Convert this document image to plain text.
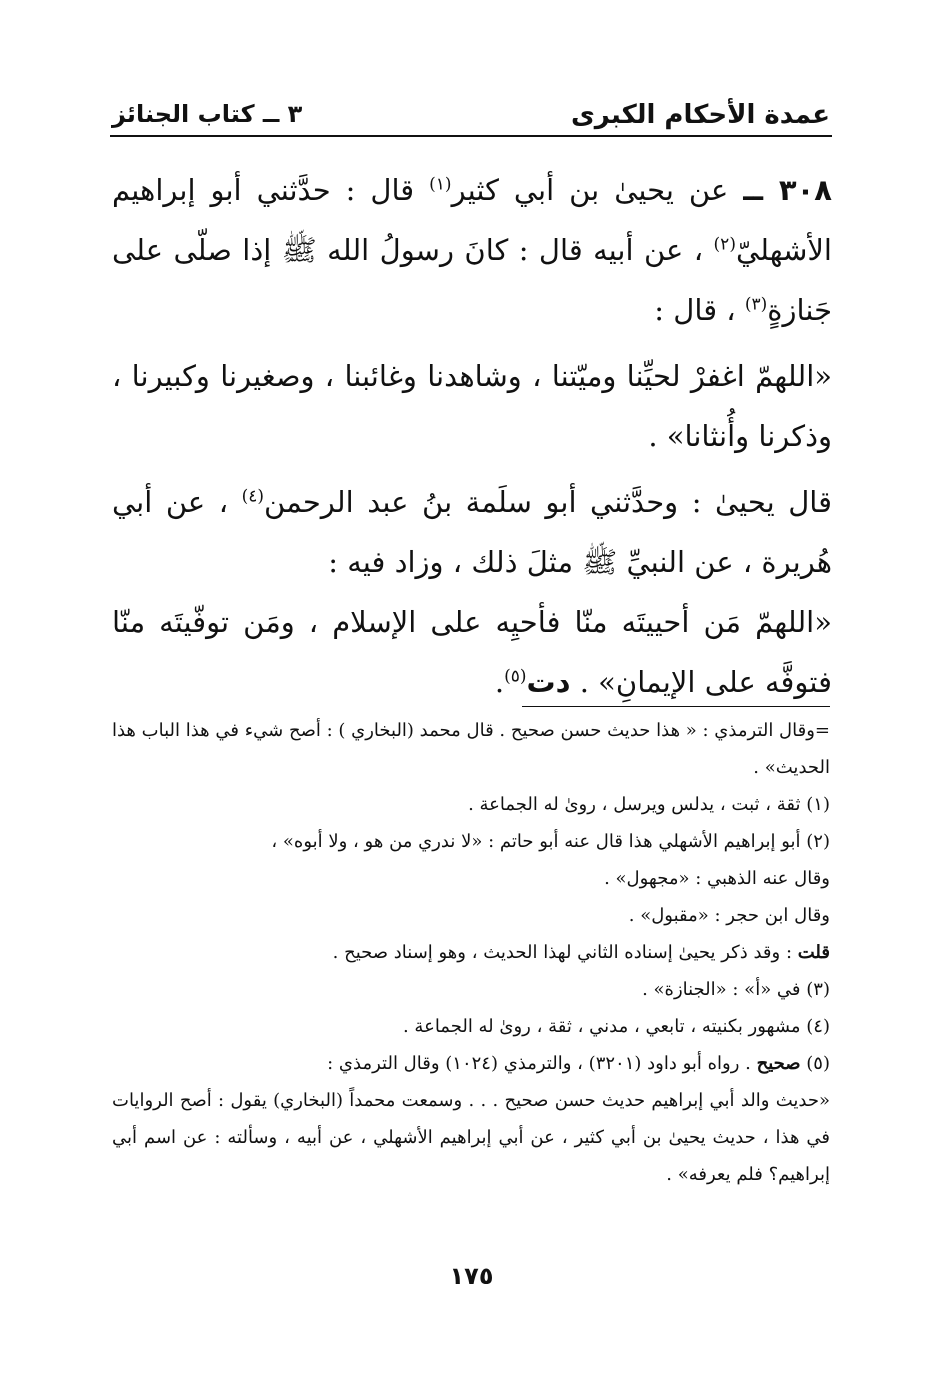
عمدة الأحكام الكبرى
٣ ــ كتاب الجنائز

٣٠٨ ــ عن يحيىٰ بن أبي كثير$^{(١)}$ قال : حدَّثني أبو إبراهيم الأشهليّ$^{(٢)}$ ، عن أبيه قال : كانَ رسولُ الله ﷺ إذا صلّى على جَنازةٍ$^{(٣)}$ ، قال :

«اللهمّ اغفرْ لحيِّنا وميّتنا ، وشاهدنا وغائبنا ، وصغيرنا وكبيرنا ، وذكرنا وأُنثانا» .

قال يحيىٰ : وحدَّثني أبو سلَمة بنُ عبد الرحمن$^{(٤)}$ ، عن أبي هُريرة ، عن النبيِّ ﷺ مثلَ ذلك ، وزاد فيه :

«اللهمّ مَن أحييتَه منّا فأحيِه على الإسلام ، ومَن توفّيتَه منّا فتوفَّه على الإيمانِ» . دت$^{(٥)}$.

=وقال الترمذي : « هذا حديث حسن صحيح . قال محمد (البخاري ) : أصح شيء في هذا الباب هذا الحديث» .

(١) ثقة ، ثبت ، يدلس ويرسل ، روىٰ له الجماعة .

(٢) أبو إبراهيم الأشهلي هذا قال عنه أبو حاتم : «لا ندري من هو ، ولا أبوه» ،

وقال عنه الذهبي : «مجهول» .

وقال ابن حجر : «مقبول» .

قلت : وقد ذكر يحيىٰ إسناده الثاني لهذا الحديث ، وهو إسناد صحيح .

(٣) في «أ» : «الجنازة» .

(٤) مشهور بكنيته ، تابعي ، مدني ، ثقة ، روىٰ له الجماعة .

(٥) صحيح . رواه أبو داود (٣٢٠١) ، والترمذي (١٠٢٤) وقال الترمذي :

«حديث والد أبي إبراهيم حديث حسن صحيح . . . وسمعت محمداً (البخاري) يقول : أصح الروايات في هذا ، حديث يحيىٰ بن أبي كثير ، عن أبي إبراهيم الأشهلي ، عن أبيه ، وسألته : عن اسم أبي إبراهيم؟ فلم يعرفه» .

١٧٥
